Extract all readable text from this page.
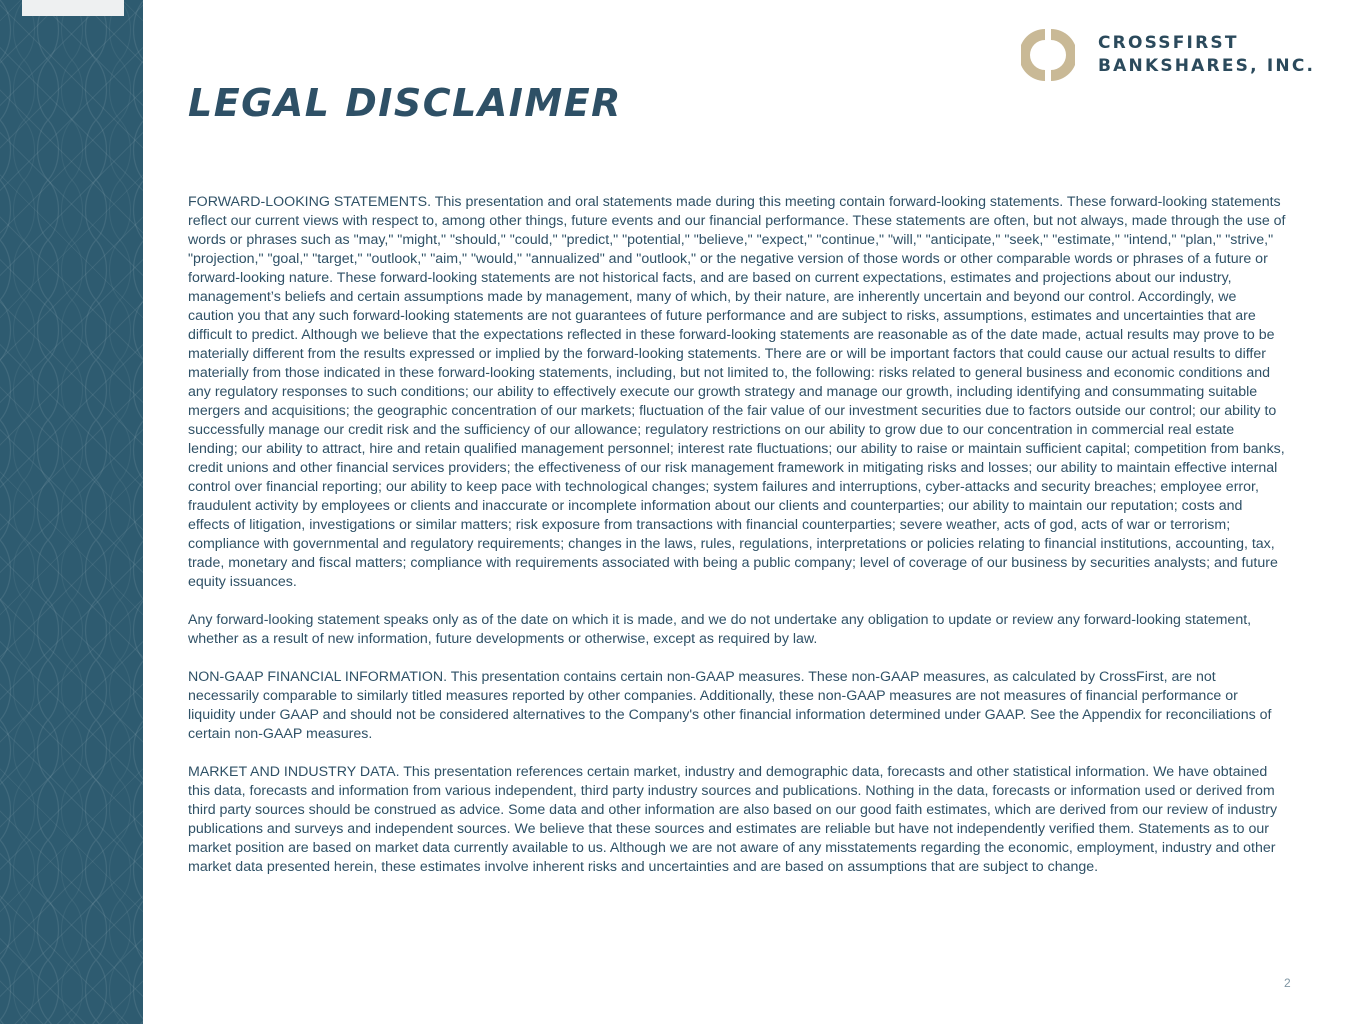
CROSSFIRST
BANKSHARES, INC.
LEGAL DISCLAIMER

FORWARD-LOOKING STATEMENTS. This presentation and oral statements made during this meeting contain forward-looking statements. These forward-looking statements reflect our current views with respect to, among other things, future events and our financial performance. These statements are often, but not always, made through the use of words or phrases such as "may," "might," "should," "could," "predict," "potential," "believe," "expect," "continue," "will," "anticipate," "seek," "estimate," "intend," "plan," "strive," "projection," "goal," "target," "outlook," "aim," "would," "annualized" and "outlook," or the negative version of those words or other comparable words or phrases of a future or forward-looking nature. These forward-looking statements are not historical facts, and are based on current expectations, estimates and projections about our industry, management’s beliefs and certain assumptions made by management, many of which, by their nature, are inherently uncertain and beyond our control. Accordingly, we caution you that any such forward-looking statements are not guarantees of future performance and are subject to risks, assumptions, estimates and uncertainties that are difficult to predict. Although we believe that the expectations reflected in these forward-looking statements are reasonable as of the date made, actual results may prove to be materially different from the results expressed or implied by the forward-looking statements. There are or will be important factors that could cause our actual results to differ materially from those indicated in these forward-looking statements, including, but not limited to, the following: risks related to general business and economic conditions and any regulatory responses to such conditions; our ability to effectively execute our growth strategy and manage our growth, including identifying and consummating suitable mergers and acquisitions; the geographic concentration of our markets; fluctuation of the fair value of our investment securities due to factors outside our control; our ability to successfully manage our credit risk and the sufficiency of our allowance; regulatory restrictions on our ability to grow due to our concentration in commercial real estate lending; our ability to attract, hire and retain qualified management personnel; interest rate fluctuations; our ability to raise or maintain sufficient capital; competition from banks, credit unions and other financial services providers; the effectiveness of our risk management framework in mitigating risks and losses; our ability to maintain effective internal control over financial reporting; our ability to keep pace with technological changes; system failures and interruptions, cyber-attacks and security breaches; employee error, fraudulent activity by employees or clients and inaccurate or incomplete information about our clients and counterparties; our ability to maintain our reputation; costs and effects of litigation, investigations or similar matters; risk exposure from transactions with financial counterparties; severe weather, acts of god, acts of war or terrorism; compliance with governmental and regulatory requirements; changes in the laws, rules, regulations, interpretations or policies relating to financial institutions, accounting, tax, trade, monetary and fiscal matters; compliance with requirements associated with being a public company; level of coverage of our business by securities analysts; and future equity issuances.

Any forward-looking statement speaks only as of the date on which it is made, and we do not undertake any obligation to update or review any forward-looking statement, whether as a result of new information, future developments or otherwise, except as required by law.

NON-GAAP FINANCIAL INFORMATION. This presentation contains certain non-GAAP measures. These non-GAAP measures, as calculated by CrossFirst, are not necessarily comparable to similarly titled measures reported by other companies. Additionally, these non-GAAP measures are not measures of financial performance or liquidity under GAAP and should not be considered alternatives to the Company's other financial information determined under GAAP. See the Appendix for reconciliations of certain non-GAAP measures.

MARKET AND INDUSTRY DATA. This presentation references certain market, industry and demographic data, forecasts and other statistical information. We have obtained this data, forecasts and information from various independent, third party industry sources and publications. Nothing in the data, forecasts or information used or derived from third party sources should be construed as advice. Some data and other information are also based on our good faith estimates, which are derived from our review of industry publications and surveys and independent sources. We believe that these sources and estimates are reliable but have not independently verified them. Statements as to our market position are based on market data currently available to us. Although we are not aware of any misstatements regarding the economic, employment, industry and other market data presented herein, these estimates involve inherent risks and uncertainties and are based on assumptions that are subject to change.

2
